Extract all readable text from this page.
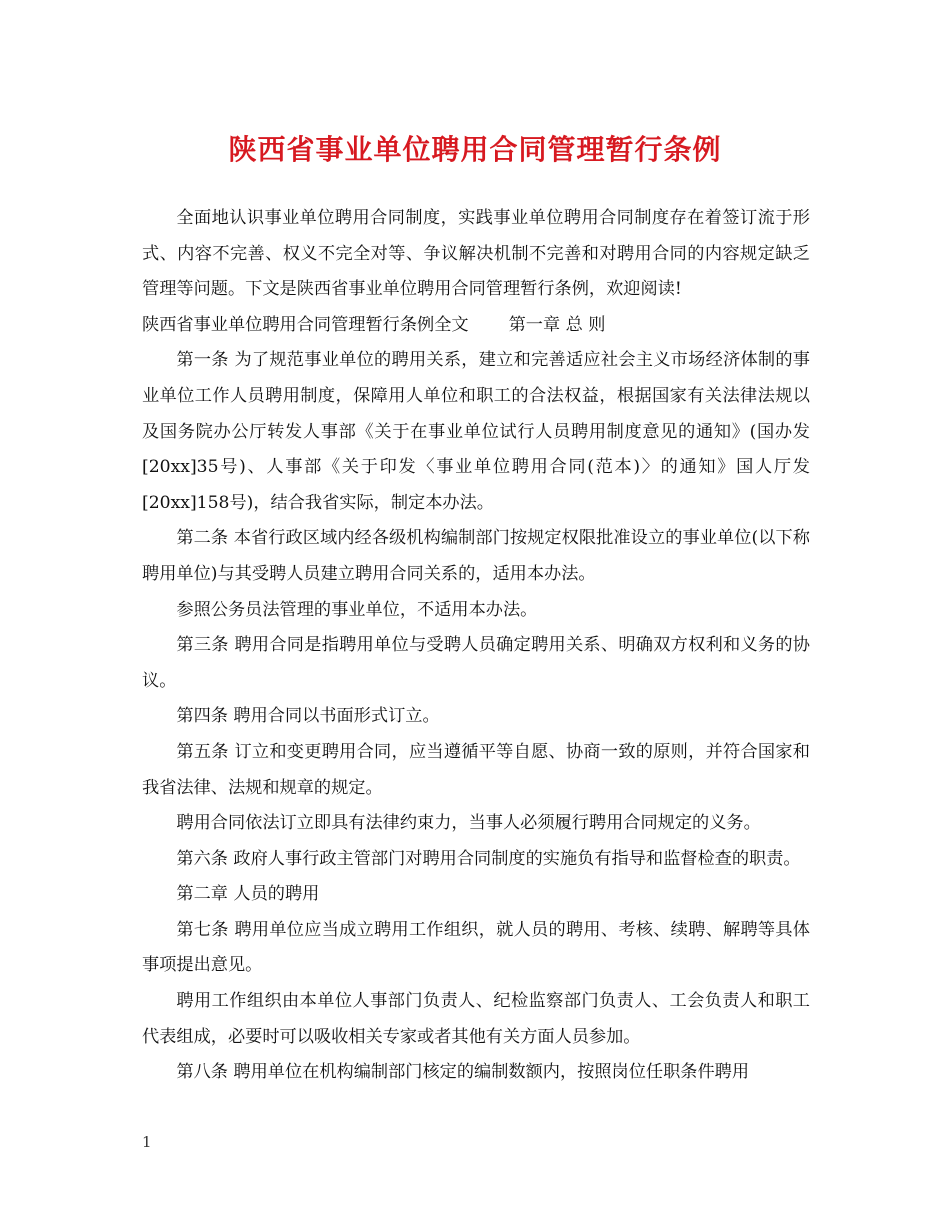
陕西省事业单位聘用合同管理暂行条例

全面地认识事业单位聘用合同制度，实践事业单位聘用合同制度存在着签订流于形式、内容不完善、权义不完全对等、争议解决机制不完善和对聘用合同的内容规定缺乏管理等问题。下文是陕西省事业单位聘用合同管理暂行条例，欢迎阅读!

陕西省事业单位聘用合同管理暂行条例全文 第一章 总 则

第一条 为了规范事业单位的聘用关系，建立和完善适应社会主义市场经济体制的事业单位工作人员聘用制度，保障用人单位和职工的合法权益，根据国家有关法律法规以及国务院办公厅转发人事部《关于在事业单位试行人员聘用制度意见的通知》(国办发[20xx]35号)、人事部《关于印发〈事业单位聘用合同(范本)〉的通知》国人厅发[20xx]158号)，结合我省实际，制定本办法。

第二条 本省行政区域内经各级机构编制部门按规定权限批准设立的事业单位(以下称聘用单位)与其受聘人员建立聘用合同关系的，适用本办法。

参照公务员法管理的事业单位，不适用本办法。

第三条 聘用合同是指聘用单位与受聘人员确定聘用关系、明确双方权利和义务的协议。

第四条 聘用合同以书面形式订立。

第五条 订立和变更聘用合同，应当遵循平等自愿、协商一致的原则，并符合国家和我省法律、法规和规章的规定。

聘用合同依法订立即具有法律约束力，当事人必须履行聘用合同规定的义务。

第六条 政府人事行政主管部门对聘用合同制度的实施负有指导和监督检查的职责。

第二章 人员的聘用

第七条 聘用单位应当成立聘用工作组织，就人员的聘用、考核、续聘、解聘等具体事项提出意见。

聘用工作组织由本单位人事部门负责人、纪检监察部门负责人、工会负责人和职工代表组成，必要时可以吸收相关专家或者其他有关方面人员参加。

第八条 聘用单位在机构编制部门核定的编制数额内，按照岗位任职条件聘用

1
